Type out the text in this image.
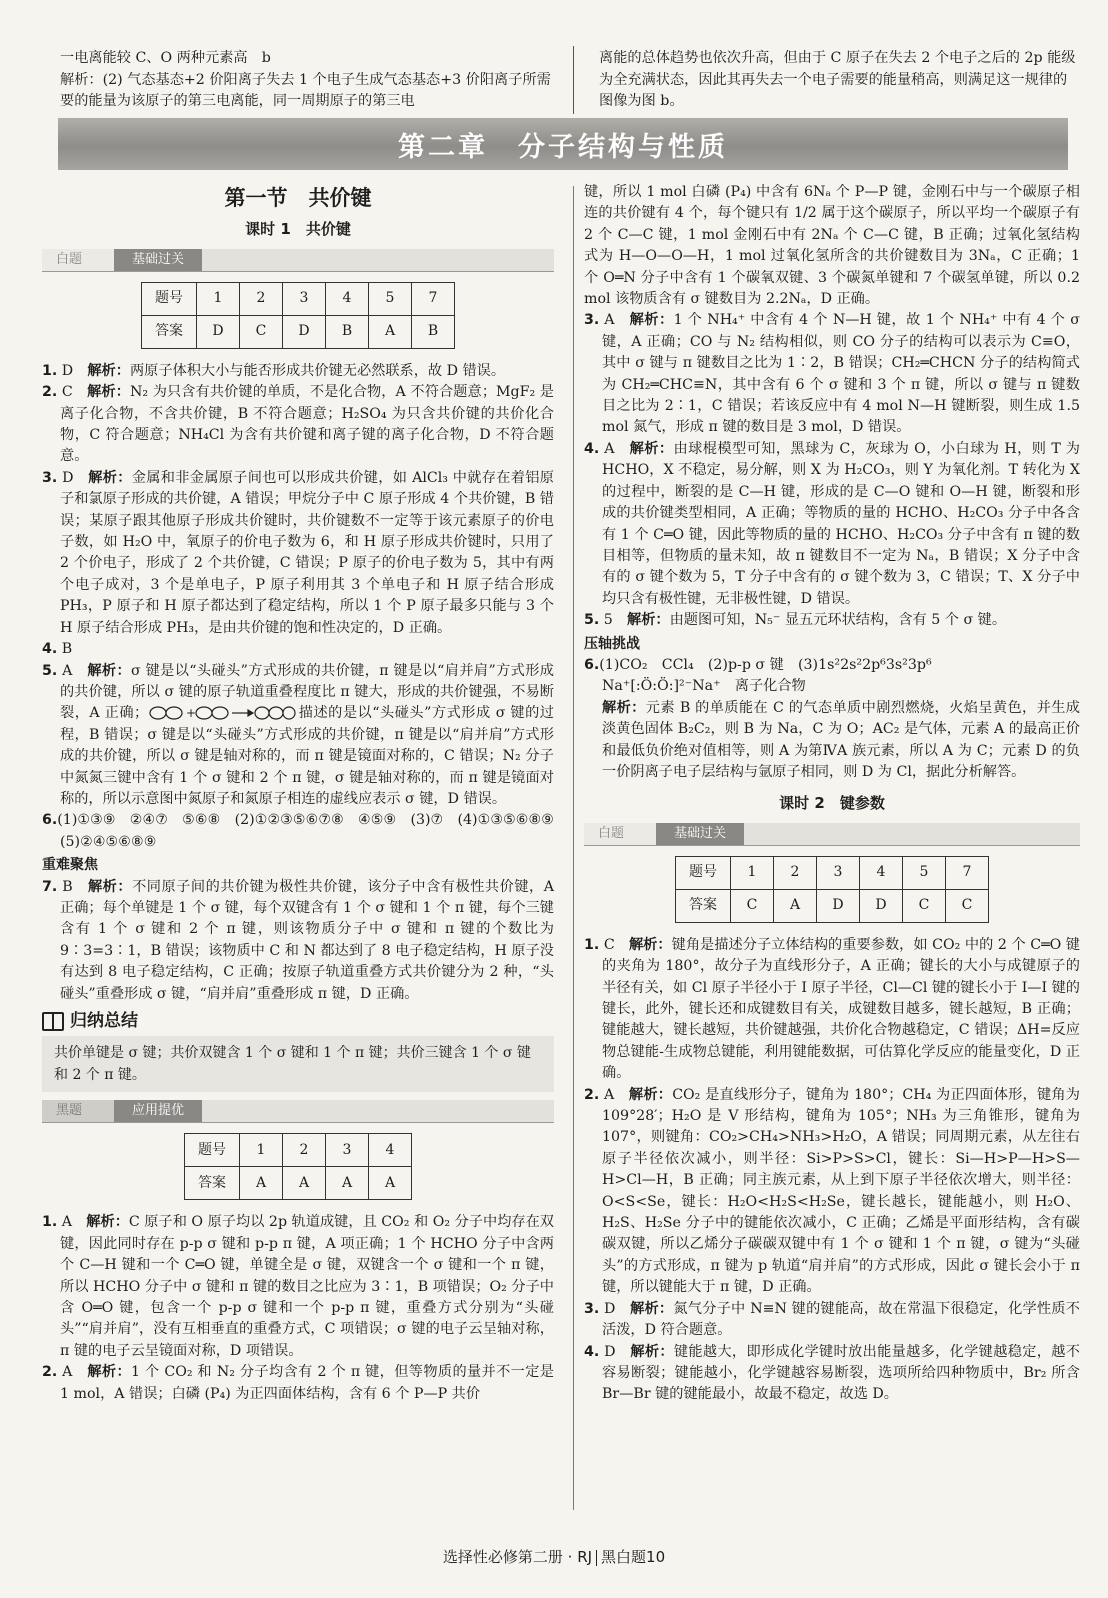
一电离能较 C、O 两种元素高　b

解析：(2) 气态基态+2 价阳离子失去 1 个电子生成气态基态+3 价阳离子所需要的能量为该原子的第三电离能，同一周期原子的第三电

离能的总体趋势也依次升高，但由于 C 原子在失去 2 个电子之后的 2p 能级为全充满状态，因此其再失去一个电子需要的能量稍高，则满足这一规律的图像为图 b。

第二章　分子结构与性质
第一节　共价键
课时 1　共价键
白题	基础过关
题号	1	2	3	4	5	7
答案	D	C	D	B	A	B

1. D　 解析：两原子体积大小与能否形成共价键无必然联系，故 D 错误。

2. C　 解析：N₂ 为只含有共价键的单质，不是化合物，A 不符合题意；MgF₂ 是离子化合物，不含共价键，B 不符合题意；H₂SO₄ 为只含共价键的共价化合物，C 符合题意；NH₄Cl 为含有共价键和离子键的离子化合物，D 不符合题意。

3. D　 解析：金属和非金属原子间也可以形成共价键，如 AlCl₃ 中就存在着铝原子和氯原子形成的共价键，A 错误；甲烷分子中 C 原子形成 4 个共价键，B 错误；某原子跟其他原子形成共价键时，共价键数不一定等于该元素原子的价电子数，如 H₂O 中，氧原子的价电子数为 6，和 H 原子形成共价键时，只用了 2 个价电子，形成了 2 个共价键，C 错误；P 原子的价电子数为 5，其中有两个电子成对，3 个是单电子，P 原子利用其 3 个单电子和 H 原子结合形成 PH₃，P 原子和 H 原子都达到了稳定结构，所以 1 个 P 原子最多只能与 3 个 H 原子结合形成 PH₃，是由共价键的饱和性决定的，D 正确。

4. B

5. A　 解析：σ 键是以“头碰头”方式形成的共价键，π 键是以“肩并肩”方式形成的共价键，所以 σ 键的原子轨道重叠程度比 π 键大，形成的共价键强，不易断裂，A 正确；	+	描述的是以“头碰头”方式形成 σ 键的过程，B 错误；σ 键是以“头碰头”方式形成的共价键，π 键是以“肩并肩”方式形成的共价键，所以 σ 键是轴对称的，而 π 键是镜面对称的，C 错误；N₂ 分子中氮氮三键中含有 1 个 σ 键和 2 个 π 键，σ 键是轴对称的，而 π 键是镜面对称的，所以示意图中氮原子和氮原子相连的虚线应表示 σ 键，D 错误。

6.(1)①③⑨　②④⑦　⑤⑥⑧　(2)①②③⑤⑥⑦⑧　④⑤⑨　(3)⑦　(4)①③⑤⑥⑧⑨　(5)②④⑤⑥⑧⑨

重难聚焦

7. B　 解析：不同原子间的共价键为极性共价键，该分子中含有极性共价键，A 正确；每个单键是 1 个 σ 键，每个双键含有 1 个 σ 键和 1 个 π 键，每个三键含有 1 个 σ 键和 2 个 π 键，则该物质分子中 σ 键和 π 键的个数比为 9∶3=3∶1，B 错误；该物质中 C 和 N 都达到了 8 电子稳定结构，H 原子没有达到 8 电子稳定结构，C 正确；按原子轨道重叠方式共价键分为 2 种，“头碰头”重叠形成 σ 键，“肩并肩”重叠形成 π 键，D 正确。

归纳总结
共价单键是 σ 键；共价双键含 1 个 σ 键和 1 个 π 键；共价三键含 1 个 σ 键和 2 个 π 键。
黑题	应用提优
题号	1	2	3	4
答案	A	A	A	A

1. A　 解析：C 原子和 O 原子均以 2p 轨道成键，且 CO₂ 和 O₂ 分子中均存在双键，因此同时存在 p-p σ 键和 p-p π 键，A 项正确；1 个 HCHO 分子中含两个 C—H 键和一个 C═O 键，单键全是 σ 键，双键含一个 σ 键和一个 π 键，所以 HCHO 分子中 σ 键和 π 键的数目之比应为 3∶1，B 项错误；O₂ 分子中含 O═O 键，包含一个 p-p σ 键和一个 p-p π 键，重叠方式分别为“头碰头”“肩并肩”，没有互相垂直的重叠方式，C 项错误；σ 键的电子云呈轴对称，π 键的电子云呈镜面对称，D 项错误。

2. A　 解析：1 个 CO₂ 和 N₂ 分子均含有 2 个 π 键，但等物质的量并不一定是 1 mol，A 错误；白磷 (P₄) 为正四面体结构，含有 6 个 P—P 共价

键，所以 1 mol 白磷 (P₄) 中含有 6Nₐ 个 P—P 键，金刚石中与一个碳原子相连的共价键有 4 个，每个键只有 1/2 属于这个碳原子，所以平均一个碳原子有 2 个 C—C 键，1 mol 金刚石中有 2Nₐ 个 C—C 键，B 正确；过氧化氢结构式为 H—O—O—H，1 mol 过氧化氢所含的共价键数目为 3Nₐ，C 正确；1 个 O═N 分子中含有 1 个碳氧双键、3 个碳氮单键和 7 个碳氢单键，所以 0.2 mol 该物质含有 σ 键数目为 2.2Nₐ，D 正确。

3. A　 解析：1 个 NH₄⁺ 中含有 4 个 N—H 键，故 1 个 NH₄⁺ 中有 4 个 σ 键，A 正确；CO 与 N₂ 结构相似，则 CO 分子的结构可以表示为 C≡O，其中 σ 键与 π 键数目之比为 1∶2，B 错误；CH₂═CHCN 分子的结构简式为 CH₂═CHC≡N，其中含有 6 个 σ 键和 3 个 π 键，所以 σ 键与 π 键数目之比为 2∶1，C 错误；若该反应中有 4 mol N—H 键断裂，则生成 1.5 mol 氮气，形成 π 键的数目是 3 mol，D 错误。

4. A　 解析：由球棍模型可知，黑球为 C，灰球为 O，小白球为 H，则 T 为 HCHO，X 不稳定，易分解，则 X 为 H₂CO₃，则 Y 为氧化剂。T 转化为 X 的过程中，断裂的是 C—H 键，形成的是 C—O 键和 O—H 键，断裂和形成的共价键类型相同，A 正确；等物质的量的 HCHO、H₂CO₃ 分子中各含有 1 个 C═O 键，因此等物质的量的 HCHO、H₂CO₃ 分子中含有 π 键的数目相等，但物质的量未知，故 π 键数目不一定为 Nₐ，B 错误；X 分子中含有的 σ 键个数为 5，T 分子中含有的 σ 键个数为 3，C 错误；T、X 分子中均只含有极性键，无非极性键，D 错误。

5. 5　 解析：由题图可知，N₅⁻ 显五元环状结构，含有 5 个 σ 键。

压轴挑战

6.(1)CO₂　CCl₄　(2)p-p σ 键　(3)1s²2s²2p⁶3s²3p⁶

Na⁺[:Ö:Ö:]²⁻Na⁺　离子化合物

解析：元素 B 的单质能在 C 的气态单质中剧烈燃烧，火焰呈黄色，并生成淡黄色固体 B₂C₂，则 B 为 Na，C 为 O；AC₂ 是气体，元素 A 的最高正价和最低负价绝对值相等，则 A 为第ⅣA 族元素，所以 A 为 C；元素 D 的负一价阴离子电子层结构与氩原子相同，则 D 为 Cl，据此分析解答。

课时 2　键参数
白题	基础过关
题号	1	2	3	4	5	7
答案	C	A	D	D	C	C

1. C　 解析：键角是描述分子立体结构的重要参数，如 CO₂ 中的 2 个 C═O 键的夹角为 180°，故分子为直线形分子，A 正确；键长的大小与成键原子的半径有关，如 Cl 原子半径小于 I 原子半径，Cl—Cl 键的键长小于 I—I 键的键长，此外，键长还和成键数目有关，成键数目越多，键长越短，B 正确；键能越大，键长越短，共价键越强，共价化合物越稳定，C 错误；ΔH=反应物总键能-生成物总键能，利用键能数据，可估算化学反应的能量变化，D 正确。

2. A　 解析：CO₂ 是直线形分子，键角为 180°；CH₄ 为正四面体形，键角为 109°28′；H₂O 是 V 形结构，键角为 105°；NH₃ 为三角锥形，键角为 107°，则键角：CO₂>CH₄>NH₃>H₂O，A 错误；同周期元素，从左往右原子半径依次减小，则半径：Si>P>S>Cl，键长：Si—H>P—H>S—H>Cl—H，B 正确；同主族元素，从上到下原子半径依次增大，则半径：O<S<Se，键长：H₂O<H₂S<H₂Se，键长越长，键能越小，则 H₂O、H₂S、H₂Se 分子中的键能依次减小，C 正确；乙烯是平面形结构，含有碳碳双键，所以乙烯分子碳碳双键中有 1 个 σ 键和 1 个 π 键，σ 键为“头碰头”的方式形成，π 键为 p 轨道“肩并肩”的方式形成，因此 σ 键长会小于 π 键，所以键能大于 π 键，D 正确。

3. D　 解析：氮气分子中 N≡N 键的键能高，故在常温下很稳定，化学性质不活泼，D 符合题意。

4. D　 解析：键能越大，即形成化学键时放出能量越多，化学键越稳定，越不容易断裂；键能越小，化学键越容易断裂，选项所给四种物质中，Br₂ 所含 Br—Br 键的键能最小，故最不稳定，故选 D。

选择性必修第二册 · RJ 黑白题10
